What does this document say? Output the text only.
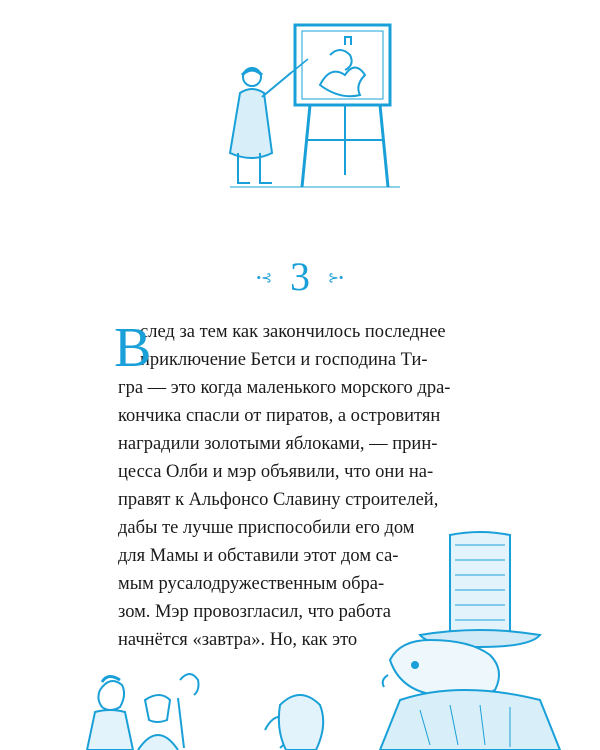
•⊰ 3 ⊱•
В
след за тем как закончилось последнее
приключение Бетси и господина Ти-
гра — это когда маленького морского дра-
кончика спасли от пиратов, а островитян
наградили золотыми яблоками, — прин-
цесса Олби и мэр объявили, что они на-
правят к Альфонсо Славину строителей,
дабы те лучше приспособили его дом
для Мамы и обставили этот дом са-
мым русалодружественным обра-
зом. Мэр провозгласил, что работа
начнётся «завтра». Но, как это
